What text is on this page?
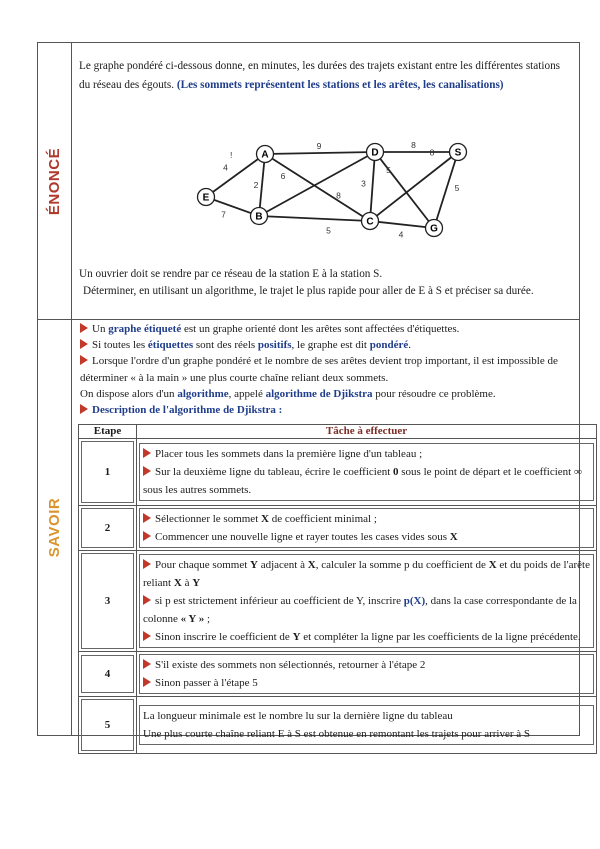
ÉNONCÉ
SAVOIR
Le graphe pondéré ci-dessous donne, en minutes, les durées des trajets existant entre les différentes stations du réseau des égouts. (Les sommets représentent les stations et les arêtes, les canalisations)
!
4
7
2
9
8
6
5
3
8
5
8
4
5
A
B	C
D
E
G
S
Un ouvrier doit se rendre par ce réseau de la station E à la station S.
Déterminer, en utilisant un algorithme, le trajet le plus rapide pour aller de E à S et préciser sa durée.
Un graphe étiqueté est un graphe orienté dont les arêtes sont affectées d'étiquettes.
Si toutes les étiquettes sont des réels positifs, le graphe est dit pondéré.
Lorsque l'ordre d'un graphe pondéré et le nombre de ses arêtes devient trop important, il est impossible de déterminer « à la main » une plus courte chaîne reliant deux sommets.
On dispose alors d'un algorithme, appelé algorithme de Djikstra pour résoudre ce problème.
Description de l'algorithme de Djikstra :
Etape	Tâche à effectuer

1	Placer tous les sommets dans la première ligne d'un tableau ;
Sur la deuxième ligne du tableau, écrire le coefficient 0 sous le point de départ et le coefficient ∞ sous les autres sommets.

2	Sélectionner le sommet X de coefficient minimal ;
Commencer une nouvelle ligne et rayer toutes les cases vides sous X

3	Pour chaque sommet Y adjacent à X, calculer la somme p du coefficient de X et du poids de l'arête reliant X à Y
si p est strictement inférieur au coefficient de Y, inscrire p(X), dans la case correspondante de la colonne « Y » ;
Sinon inscrire le coefficient de Y et compléter la ligne par les coefficients de la ligne précédente.

4	S'il existe des sommets non sélectionnés, retourner à l'étape 2
Sinon passer à l'étape 5

5	La longueur minimale est le nombre lu sur la dernière ligne du tableau
Une plus courte chaîne reliant E à S est obtenue en remontant les trajets pour arriver à S
